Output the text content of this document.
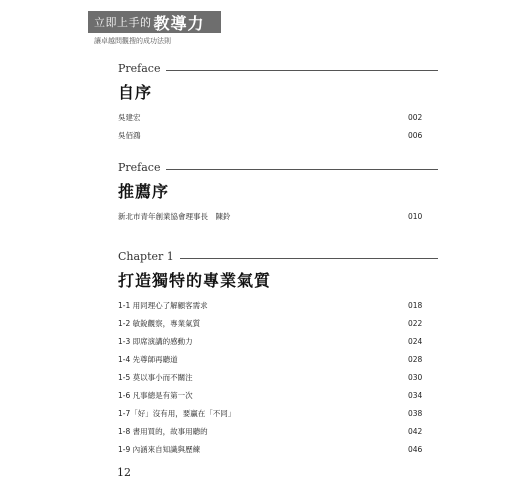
立即上手的 教導力
讓卓越問觀搜的成功法則
Preface
自序
吳建宏	002
吳佰鴻	006
Preface
推薦序
新北市青年創業協會理事長　陳鈴	010
Chapter 1
打造獨特的專業氣質
1-1 用同理心了解顧客需求	018
1-2 敏銳觀察，專業氣質	022
1-3 即席演講的感動力	024
1-4 先尊師再聽道	028
1-5 莫以事小而不關注	030
1-6 凡事總是有第一次	034
1-7「好」沒有用，要贏在「不同」	038
1-8 書用買的，故事用聽的	042
1-9 內涵來自知識與歷練	046
12
